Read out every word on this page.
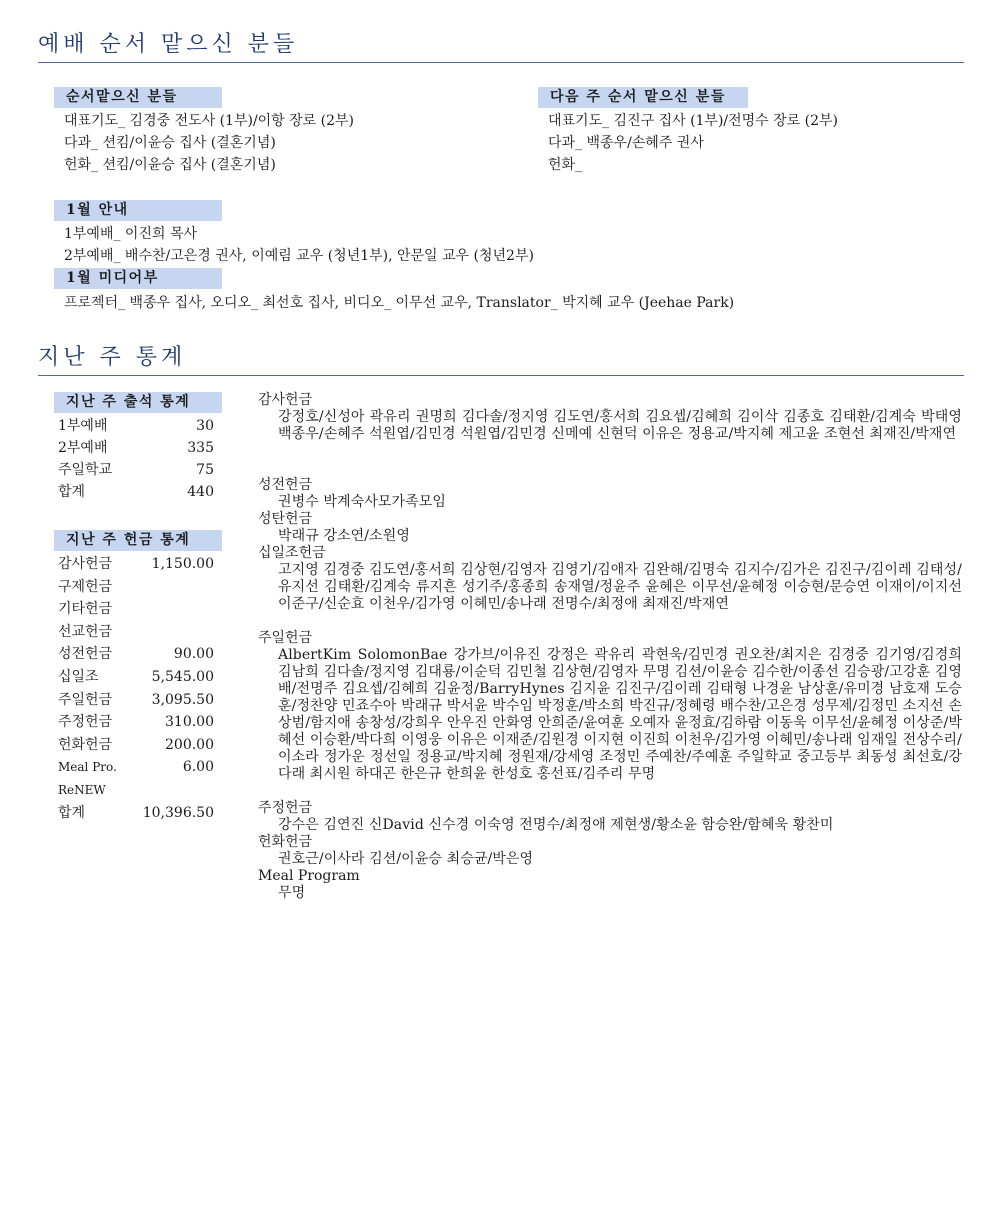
예배 순서 맡으신 분들
순서맡으신 분들
대표기도_ 김경중 전도사 (1부)/이항 장로 (2부)
다과_ 션킴/이윤승 집사 (결혼기념)
헌화_ 션킴/이윤승 집사 (결혼기념)
다음 주 순서 맡으신 분들
대표기도_ 김진구 집사 (1부)/전명수 장로 (2부)
다과_ 백종우/손혜주 권사
헌화_
1월 안내
1부예배_ 이진희 목사
2부예배_ 배수찬/고은경 권사, 이예림 교우 (청년1부), 안문일 교우 (청년2부)
1월 미디어부
프로젝터_ 백종우 집사, 오디오_ 최선호 집사, 비디오_ 이무선 교우, Translator_ 박지혜 교우 (Jeehae Park)
지난 주 통계
지난 주 출석 통계
1부예배	30
2부예배	335
주일학교	75
합계	440
지난 주 헌금 통계
감사헌금	1,150.00
구제헌금
기타헌금
선교헌금
성전헌금	90.00
십일조	5,545.00
주일헌금	3,095.50
주정헌금	310.00
헌화헌금	200.00
Meal Pro.	6.00
ReNEW
합계	10,396.50
감사헌금
강정호/신성아 곽유리 권명희 김다솔/정지영 김도연/홍서희 김요셉/김혜희 김이삭 김종호 김태환/김계숙 박태영 백종우/손혜주 석원엽/김민경 석원엽/김민경 신메예 신현덕 이유은 정용교/박지혜 제고윤 조현선 최재진/박재연
성전헌금
권병수 박계숙사모가족모임
성탄헌금
박래규 강소연/소원영
십일조헌금
고지영 김경중 김도연/홍서희 김상현/김영자 김영기/김애자 김완해/김명숙 김지수/김가은 김진구/김이레 김태성/유지선 김태환/김계숙 류지흔 성기주/홍종희 송재열/정윤주 윤혜은 이무선/윤혜정 이승현/문승연 이재이/이지선 이준구/신순효 이천우/김가영 이혜민/송나래 전명수/최정애 최재진/박재연
주일헌금
AlbertKim SolomonBae 강가브/이유진 강정은 곽유리 곽현욱/김민경 권오찬/최지은 김경중 김기영/김경희 김남희 김다솔/정지영 김대룡/이순덕 김민철 김상현/김영자 무명 김션/이윤승 김수한/이종선 김승광/고강훈 김영배/전명주 김요셉/김혜희 김윤정/BarryHynes 김지윤 김진구/김이레 김태형 나경윤 남상훈/유미경 남호재 도승훈/정찬양 민죠수아 박래규 박서윤 박수임 박정훈/박소희 박진규/정혜령 배수찬/고은경 성무제/김정민 소지선 손상범/함지애 송창성/강희우 안우진 안화영 안희준/윤여훈 오예자 윤정효/김하람 이동욱 이무선/윤혜정 이상준/박혜선 이승환/박다희 이영웅 이유은 이재준/김원경 이지현 이진희 이천우/김가영 이혜민/송나래 임재일 전상수리/이소라 정가운 정선일 정용교/박지혜 정원재/강세영 조정민 주예찬/주예훈 주일학교 중고등부 최동성 최선호/강다래 최시원 하대곤 한은규 한희윤 한성호 홍선표/김주리 무명
주정헌금
강수은 김연진 신David 신수경 이숙영 전명수/최정애 제현생/황소윤 함승완/함혜욱 황찬미
헌화헌금
권호근/이사라 김션/이윤승 최승균/박은영
Meal Program
무명
